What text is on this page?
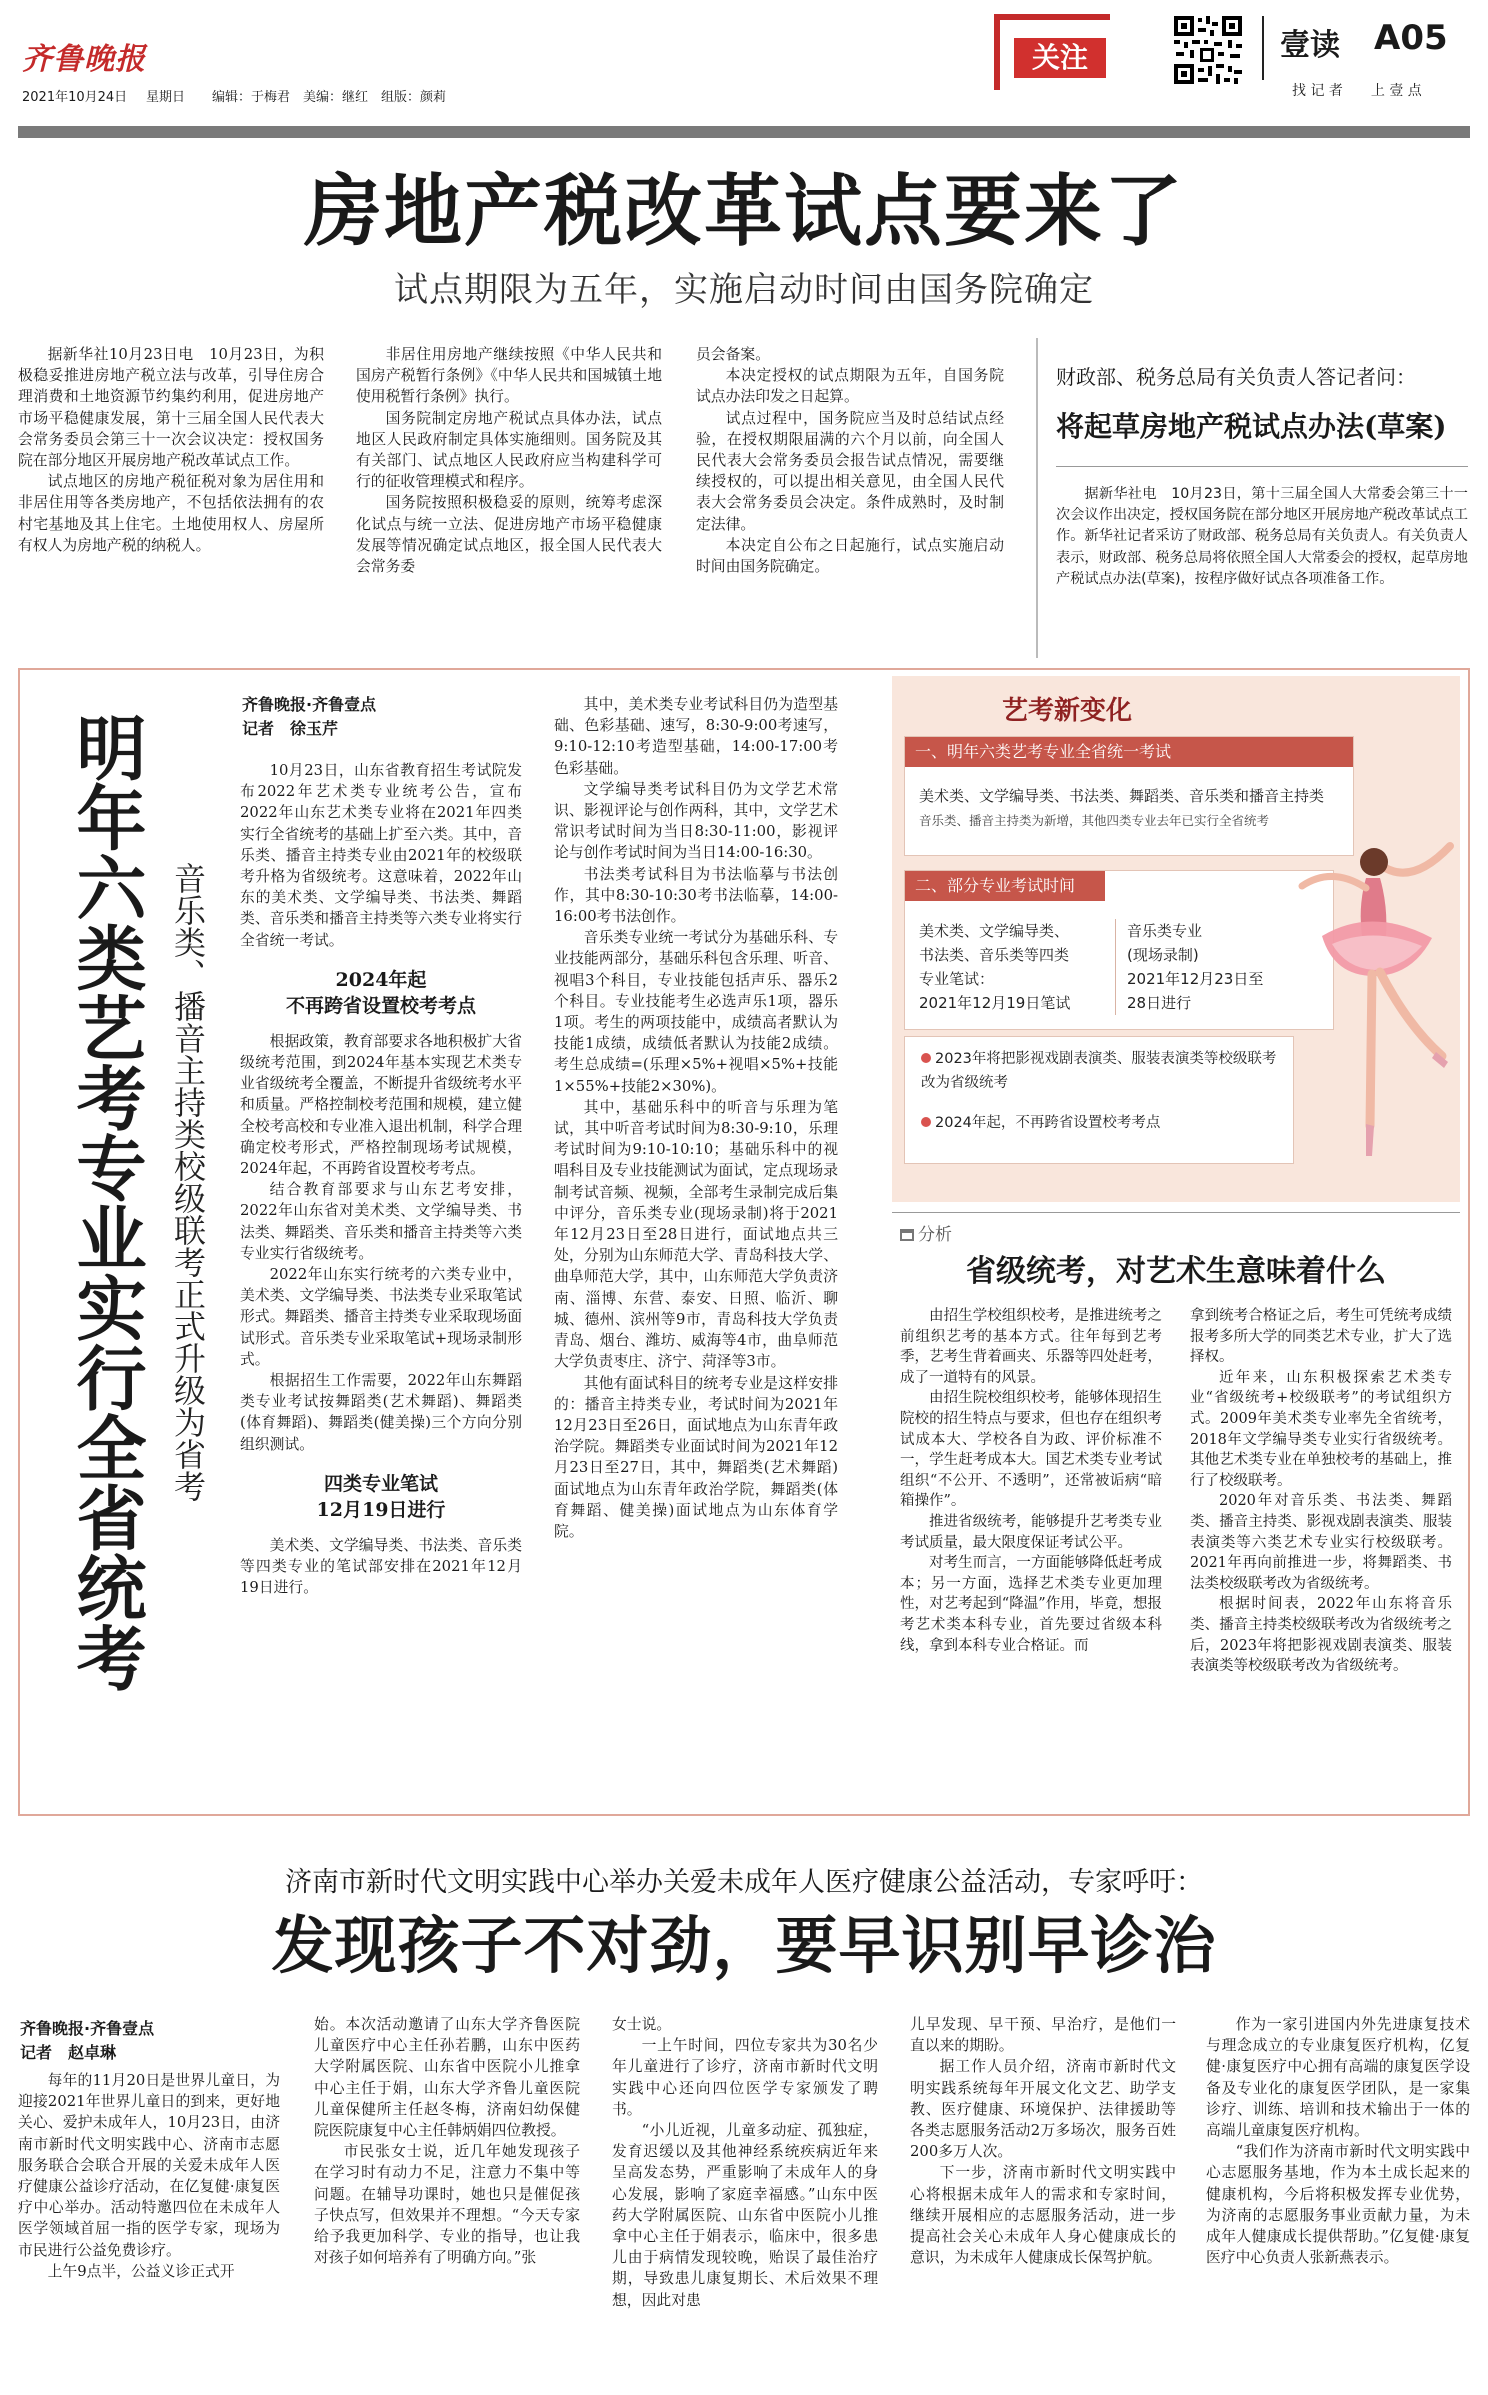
齐鲁晚报
2021年10月24日 星期日 编辑：于梅君　美编：继红　组版：颜莉
关注	壹读 A05
找 记 者　　上 壹 点
房地产税改革试点要来了
试点期限为五年，实施启动时间由国务院确定

据新华社10月23日电　10月23日，为积极稳妥推进房地产税立法与改革，引导住房合理消费和土地资源节约集约利用，促进房地产市场平稳健康发展，第十三届全国人民代表大会常务委员会第三十一次会议决定：授权国务院在部分地区开展房地产税改革试点工作。

试点地区的房地产税征税对象为居住用和非居住用等各类房地产，不包括依法拥有的农村宅基地及其上住宅。土地使用权人、房屋所有权人为房地产税的纳税人。

非居住用房地产继续按照《中华人民共和国房产税暂行条例》《中华人民共和国城镇土地使用税暂行条例》执行。

国务院制定房地产税试点具体办法，试点地区人民政府制定具体实施细则。国务院及其有关部门、试点地区人民政府应当构建科学可行的征收管理模式和程序。

国务院按照积极稳妥的原则，统筹考虑深化试点与统一立法、促进房地产市场平稳健康发展等情况确定试点地区，报全国人民代表大会常务委

员会备案。

本决定授权的试点期限为五年，自国务院试点办法印发之日起算。

试点过程中，国务院应当及时总结试点经验，在授权期限届满的六个月以前，向全国人民代表大会常务委员会报告试点情况，需要继续授权的，可以提出相关意见，由全国人民代表大会常务委员会决定。条件成熟时，及时制定法律。

本决定自公布之日起施行，试点实施启动时间由国务院确定。

财政部、税务总局有关负责人答记者问：
将起草房地产税试点办法(草案)

据新华社电　10月23日，第十三届全国人大常委会第三十一次会议作出决定，授权国务院在部分地区开展房地产税改革试点工作。新华社记者采访了财政部、税务总局有关负责人。有关负责人表示，财政部、税务总局将依照全国人大常委会的授权，起草房地产税试点办法(草案)，按程序做好试点各项准备工作。

明年六类艺考专业实行全省统考 音乐类、播音主持类校级联考正式升级为省考
齐鲁晚报·齐鲁壹点
记者　徐玉芹

10月23日，山东省教育招生考试院发布2022年艺术类专业统考公告，宣布2022年山东艺术类专业将在2021年四类实行全省统考的基础上扩至六类。其中，音乐类、播音主持类专业由2021年的校级联考升格为省级统考。这意味着，2022年山东的美术类、文学编导类、书法类、舞蹈类、音乐类和播音主持类等六类专业将实行全省统一考试。

2024年起

不再跨省设置校考考点

根据政策，教育部要求各地积极扩大省级统考范围，到2024年基本实现艺术类专业省级统考全覆盖，不断提升省级统考水平和质量。严格控制校考范围和规模，建立健全校考高校和专业准入退出机制，科学合理确定校考形式，严格控制现场考试规模，2024年起，不再跨省设置校考考点。

结合教育部要求与山东艺考安排，2022年山东省对美术类、文学编导类、书法类、舞蹈类、音乐类和播音主持类等六类专业实行省级统考。

2022年山东实行统考的六类专业中，美术类、文学编导类、书法类专业采取笔试形式。舞蹈类、播音主持类专业采取现场面试形式。音乐类专业采取笔试+现场录制形式。

根据招生工作需要，2022年山东舞蹈类专业考试按舞蹈类(艺术舞蹈)、舞蹈类(体育舞蹈)、舞蹈类(健美操)三个方向分别组织测试。

四类专业笔试

12月19日进行

美术类、文学编导类、书法类、音乐类等四类专业的笔试部安排在2021年12月19日进行。

其中，美术类专业考试科目仍为造型基础、色彩基础、速写，8:30-9:00考速写，9:10-12:10考造型基础，14:00-17:00考色彩基础。

文学编导类考试科目仍为文学艺术常识、影视评论与创作两科，其中，文学艺术常识考试时间为当日8:30-11:00，影视评论与创作考试时间为当日14:00-16:30。

书法类考试科目为书法临摹与书法创作，其中8:30-10:30考书法临摹，14:00-16:00考书法创作。

音乐类专业统一考试分为基础乐科、专业技能两部分，基础乐科包含乐理、听音、视唱3个科目，专业技能包括声乐、器乐2个科目。专业技能考生必选声乐1项，器乐1项。考生的两项技能中，成绩高者默认为技能1成绩，成绩低者默认为技能2成绩。考生总成绩=(乐理×5%+视唱×5%+技能1×55%+技能2×30%)。

其中，基础乐科中的听音与乐理为笔试，其中听音考试时间为8:30-9:10，乐理考试时间为9:10-10:10；基础乐科中的视唱科目及专业技能测试为面试，定点现场录制考试音频、视频，全部考生录制完成后集中评分，音乐类专业(现场录制)将于2021年12月23日至28日进行，面试地点共三处，分别为山东师范大学、青岛科技大学、曲阜师范大学，其中，山东师范大学负责济南、淄博、东营、泰安、日照、临沂、聊城、德州、滨州等9市，青岛科技大学负责青岛、烟台、潍坊、威海等4市，曲阜师范大学负责枣庄、济宁、菏泽等3市。

其他有面试科目的统考专业是这样安排的：播音主持类专业，考试时间为2021年12月23日至26日，面试地点为山东青年政治学院。舞蹈类专业面试时间为2021年12月23日至27日，其中，舞蹈类(艺术舞蹈)面试地点为山东青年政治学院，舞蹈类(体育舞蹈、健美操)面试地点为山东体育学院。

艺考新变化
一、明年六类艺考专业全省统一考试
美术类、文学编导类、书法类、舞蹈类、音乐类和播音主持类
音乐类、播音主持类为新增，其他四类专业去年已实行全省统考
二、部分专业考试时间
美术类、文学编导类、
书法类、音乐类等四类
专业笔试：
2021年12月19日笔试
音乐类专业
(现场录制)
2021年12月23日至
28日进行
2023年将把影视戏剧表演类、服装表演类等校级联考改为省级统考
2024年起，不再跨省设置校考考点
分析
省级统考，对艺术生意味着什么

由招生学校组织校考，是推进统考之前组织艺考的基本方式。往年每到艺考季，艺考生背着画夹、乐器等四处赶考，成了一道特有的风景。

由招生院校组织校考，能够体现招生院校的招生特点与要求，但也存在组织考试成本大、学校各自为政、评价标准不一，学生赶考成本大。国艺术类专业考试组织“不公开、不透明”，还常被诟病“暗箱操作”。

推进省级统考，能够提升艺考类专业考试质量，最大限度保证考试公平。

对考生而言，一方面能够降低赶考成本；另一方面，选择艺术类专业更加理性，对艺考起到“降温”作用，毕竟，想报考艺术类本科专业，首先要过省级本科线，拿到本科专业合格证。而

拿到统考合格证之后，考生可凭统考成绩报考多所大学的同类艺术专业，扩大了选择权。

近年来，山东积极探索艺术类专业“省级统考+校级联考”的考试组织方式。2009年美术类专业率先全省统考，2018年文学编导类专业实行省级统考。其他艺术类专业在单独校考的基础上，推行了校级联考。

2020年对音乐类、书法类、舞蹈类、播音主持类、影视戏剧表演类、服装表演类等六类艺术专业实行校级联考。2021年再向前推进一步，将舞蹈类、书法类校级联考改为省级统考。

根据时间表，2022年山东将音乐类、播音主持类校级联考改为省级统考之后，2023年将把影视戏剧表演类、服装表演类等校级联考改为省级统考。

济南市新时代文明实践中心举办关爱未成年人医疗健康公益活动，专家呼吁：
发现孩子不对劲，要早识别早诊治
齐鲁晚报·齐鲁壹点
记者　赵卓琳

每年的11月20日是世界儿童日，为迎接2021年世界儿童日的到来，更好地关心、爱护未成年人，10月23日，由济南市新时代文明实践中心、济南市志愿服务联合会联合开展的关爱未成年人医疗健康公益诊疗活动，在亿复健·康复医疗中心举办。活动特邀四位在未成年人医学领域首屈一指的医学专家，现场为市民进行公益免费诊疗。

上午9点半，公益义诊正式开

始。本次活动邀请了山东大学齐鲁医院儿童医疗中心主任孙若鹏，山东中医药大学附属医院、山东省中医院小儿推拿中心主任于娟，山东大学齐鲁儿童医院儿童保健所主任赵冬梅，济南妇幼保健院医院康复中心主任韩炳娟四位教授。

市民张女士说，近几年她发现孩子在学习时有动力不足，注意力不集中等问题。在辅导功课时，她也只是催促孩子快点写，但效果并不理想。“今天专家给予我更加科学、专业的指导，也让我对孩子如何培养有了明确方向。”张

女士说。

一上午时间，四位专家共为30名少年儿童进行了诊疗，济南市新时代文明实践中心还向四位医学专家颁发了聘书。

“小儿近视，儿童多动症、孤独症，发育迟缓以及其他神经系统疾病近年来呈高发态势，严重影响了未成年人的身心发展，影响了家庭幸福感。”山东中医药大学附属医院、山东省中医院小儿推拿中心主任于娟表示，临床中，很多患儿由于病情发现较晚，贻误了最佳治疗期，导致患儿康复期长、术后效果不理想，因此对患

儿早发现、早干预、早治疗，是他们一直以来的期盼。

据工作人员介绍，济南市新时代文明实践系统每年开展文化文艺、助学支教、医疗健康、环境保护、法律援助等各类志愿服务活动2万多场次，服务百姓200多万人次。

下一步，济南市新时代文明实践中心将根据未成年人的需求和专家时间，继续开展相应的志愿服务活动，进一步提高社会关心未成年人身心健康成长的意识，为未成年人健康成长保驾护航。

作为一家引进国内外先进康复技术与理念成立的专业康复医疗机构，亿复健·康复医疗中心拥有高端的康复医学设备及专业化的康复医学团队，是一家集诊疗、训练、培训和技术输出于一体的高端儿童康复医疗机构。

“我们作为济南市新时代文明实践中心志愿服务基地，作为本土成长起来的健康机构，今后将积极发挥专业优势，为济南的志愿服务事业贡献力量，为未成年人健康成长提供帮助。”亿复健·康复医疗中心负责人张新燕表示。
